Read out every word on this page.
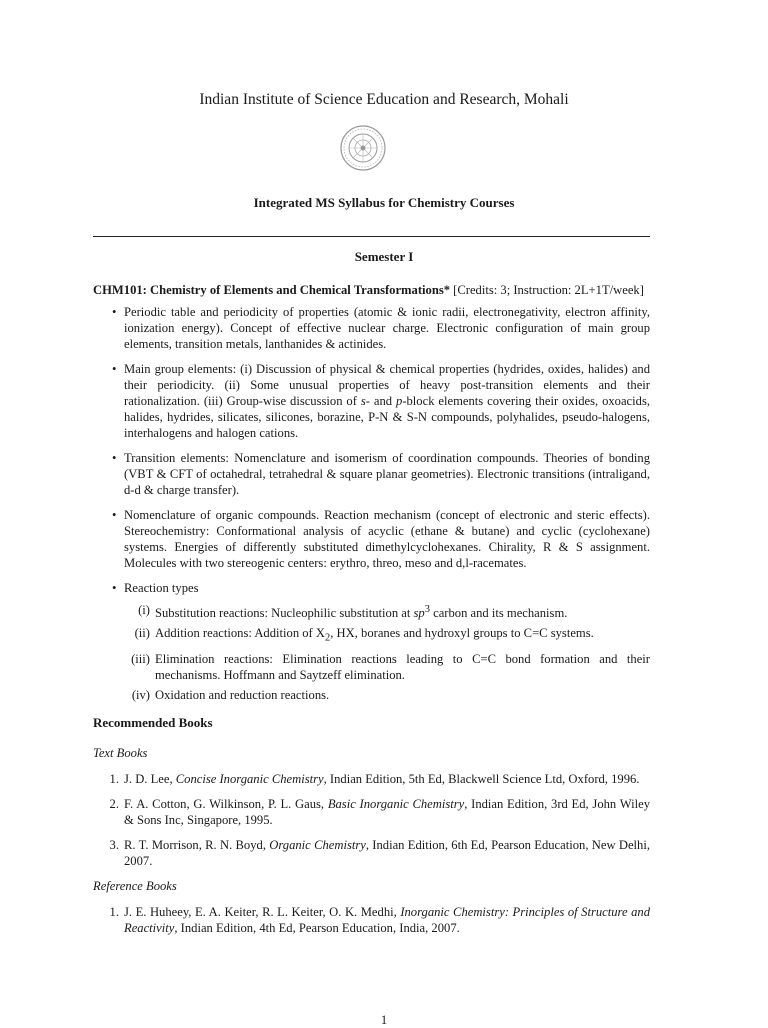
Indian Institute of Science Education and Research, Mohali
Integrated MS Syllabus for Chemistry Courses
Semester I

CHM101: Chemistry of Elements and Chemical Transformations* [Credits: 3; Instruction: 2L+1T/week]

• Periodic table and periodicity of properties (atomic & ionic radii, electronegativity, electron affinity, ionization energy). Concept of effective nuclear charge. Electronic configuration of main group elements, transition metals, lanthanides & actinides.
• Main group elements: (i) Discussion of physical & chemical properties (hydrides, oxides, halides) and their periodicity. (ii) Some unusual properties of heavy post-transition elements and their rationalization. (iii) Group-wise discussion of s- and p-block elements covering their oxides, oxoacids, halides, hydrides, silicates, silicones, borazine, P-N & S-N compounds, polyhalides, pseudo-halogens, interhalogens and halogen cations.
• Transition elements: Nomenclature and isomerism of coordination compounds. Theories of bonding (VBT & CFT of octahedral, tetrahedral & square planar geometries). Electronic transitions (intraligand, d-d & charge transfer).
• Nomenclature of organic compounds. Reaction mechanism (concept of electronic and steric effects). Stereochemistry: Conformational analysis of acyclic (ethane & butane) and cyclic (cyclohexane) systems. Energies of differently substituted dimethylcyclohexanes. Chirality, R & S assignment. Molecules with two stereogenic centers: erythro, threo, meso and d,l-racemates.
• Reaction types
(i) Substitution reactions: Nucleophilic substitution at $sp^3$ carbon and its mechanism.
(ii) Addition reactions: Addition of $X_2$, HX, boranes and hydroxyl groups to C=C systems.
(iii) Elimination reactions: Elimination reactions leading to C=C bond formation and their mechanisms. Hoffmann and Saytzeff elimination.
(iv) Oxidation and reduction reactions.
Recommended Books
Text Books
1. J. D. Lee, Concise Inorganic Chemistry, Indian Edition, 5th Ed, Blackwell Science Ltd, Oxford, 1996.
2. F. A. Cotton, G. Wilkinson, P. L. Gaus, Basic Inorganic Chemistry, Indian Edition, 3rd Ed, John Wiley & Sons Inc, Singapore, 1995.
3. R. T. Morrison, R. N. Boyd, Organic Chemistry, Indian Edition, 6th Ed, Pearson Education, New Delhi, 2007.
Reference Books
1. J. E. Huheey, E. A. Keiter, R. L. Keiter, O. K. Medhi, Inorganic Chemistry: Principles of Structure and Reactivity, Indian Edition, 4th Ed, Pearson Education, India, 2007.
1
